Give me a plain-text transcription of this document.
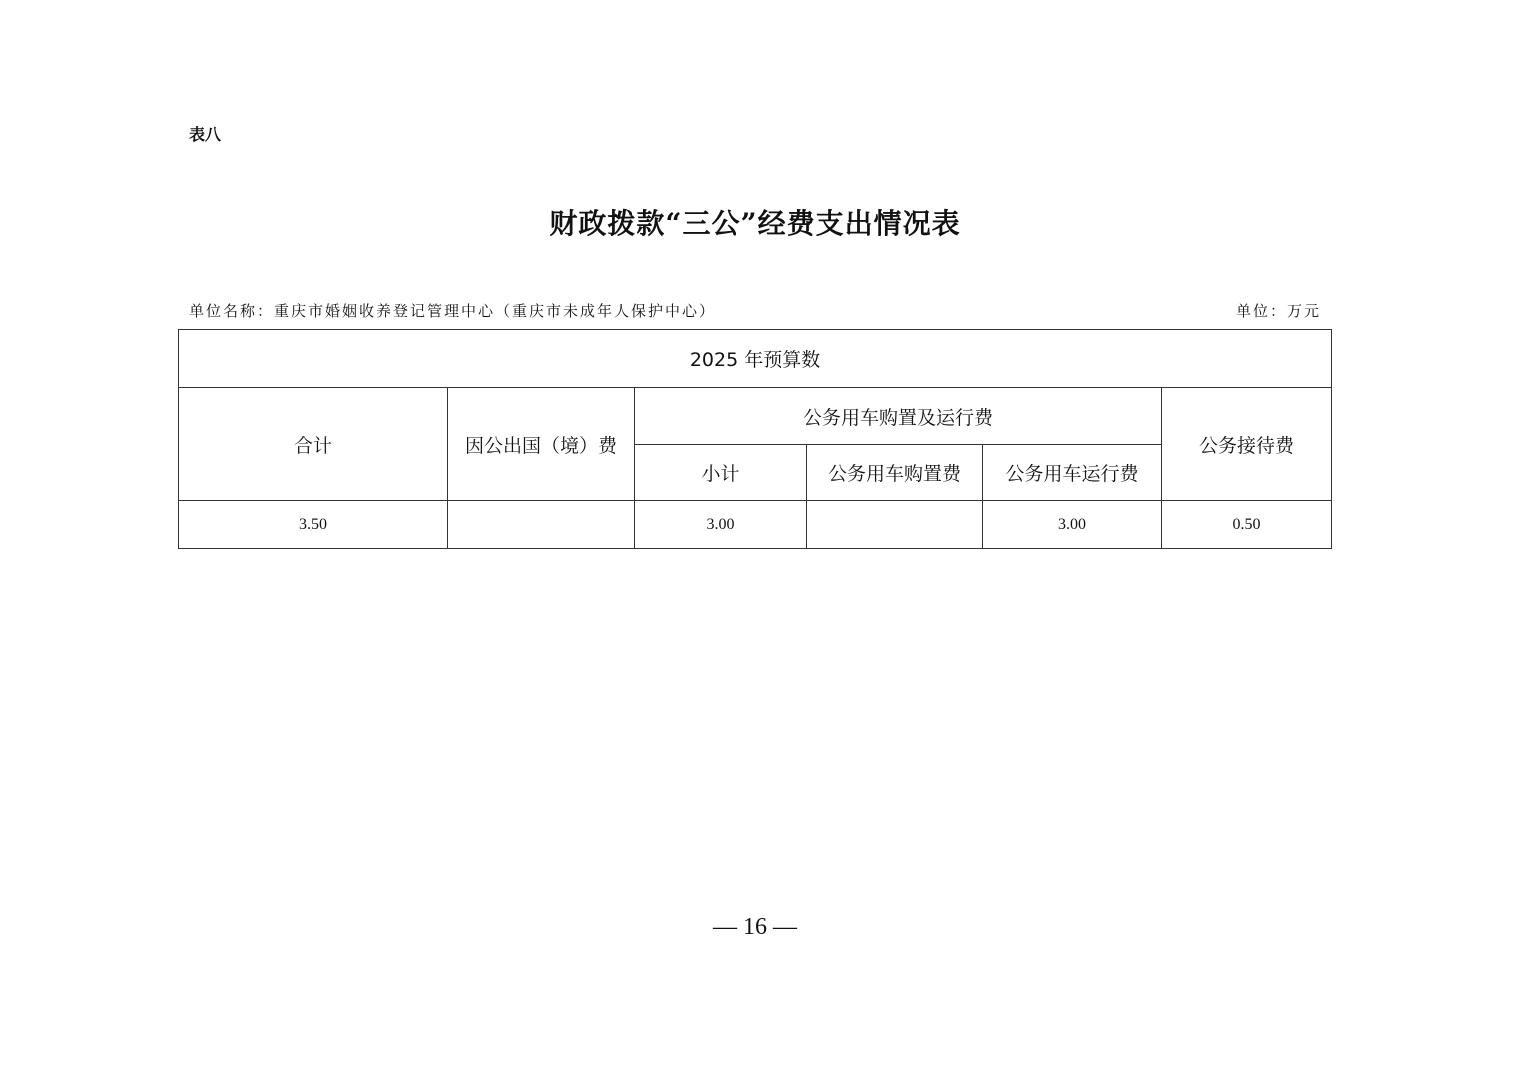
表八
财政拨款“三公”经费支出情况表
单位名称：重庆市婚姻收养登记管理中心（重庆市未成年人保护中心）	单位：万元
2025 年预算数					
合计	因公出国（境）费	公务用车购置及运行费			公务接待费
		小计	公务用车购置费	公务用车运行费	
3.50		3.00		3.00	0.50
— 16 —
